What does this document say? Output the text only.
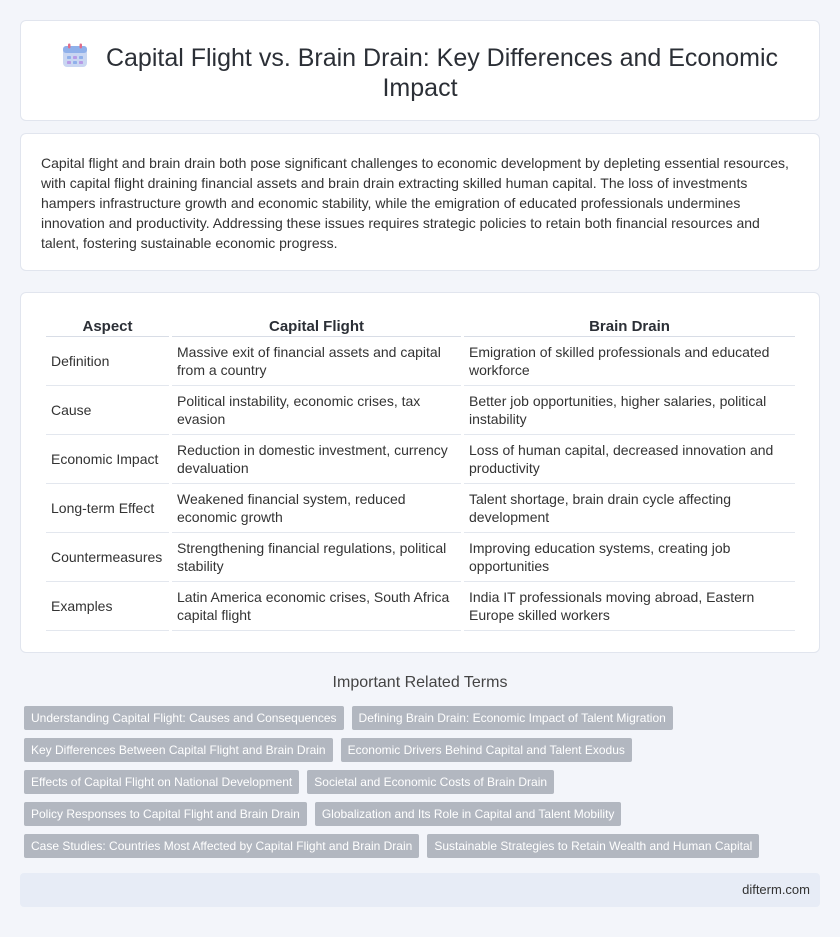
Capital Flight vs. Brain Drain: Key Differences and Economic Impact

Capital flight and brain drain both pose significant challenges to economic development by depleting essential resources, with capital flight draining financial assets and brain drain extracting skilled human capital. The loss of investments hampers infrastructure growth and economic stability, while the emigration of educated professionals undermines innovation and productivity. Addressing these issues requires strategic policies to retain both financial resources and talent, fostering sustainable economic progress.

Aspect	Capital Flight	Brain Drain
Definition	Massive exit of financial assets and capital from a country	Emigration of skilled professionals and educated workforce
Cause	Political instability, economic crises, tax evasion	Better job opportunities, higher salaries, political instability
Economic Impact	Reduction in domestic investment, currency devaluation	Loss of human capital, decreased innovation and productivity
Long-term Effect	Weakened financial system, reduced economic growth	Talent shortage, brain drain cycle affecting development
Countermeasures	Strengthening financial regulations, political stability	Improving education systems, creating job opportunities
Examples	Latin America economic crises, South Africa capital flight	India IT professionals moving abroad, Eastern Europe skilled workers
Important Related Terms
Understanding Capital Flight: Causes and Consequences	Defining Brain Drain: Economic Impact of Talent Migration
Key Differences Between Capital Flight and Brain Drain	Economic Drivers Behind Capital and Talent Exodus
Effects of Capital Flight on National Development	Societal and Economic Costs of Brain Drain
Policy Responses to Capital Flight and Brain Drain	Globalization and Its Role in Capital and Talent Mobility
Case Studies: Countries Most Affected by Capital Flight and Brain Drain	Sustainable Strategies to Retain Wealth and Human Capital
difterm.com
